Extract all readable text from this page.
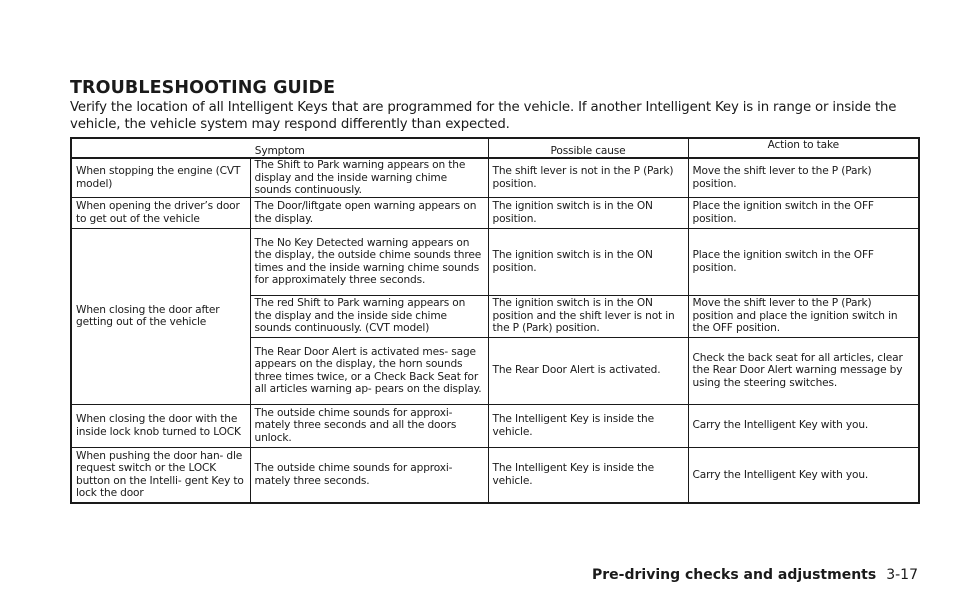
TROUBLESHOOTING GUIDE
Verify the location of all Intelligent Keys that are programmed for the vehicle. If another Intelligent Key is in range or inside the vehicle, the vehicle system may respond differently than expected.
Symptom		Possible cause	Action to take
When stopping the engine (CVT model)	The Shift to Park warning appears on the display and the inside warning chime sounds continuously.	The shift lever is not in the P (Park) position.	Move the shift lever to the P (Park) position.
When opening the driver’s door to get out of the vehicle	The Door/liftgate open warning appears on the display.	The ignition switch is in the ON position.	Place the ignition switch in the OFF position.
When closing the door after getting out of the vehicle	The No Key Detected warning appears on the display, the outside chime sounds three times and the inside warning chime sounds for approximately three seconds.	The ignition switch is in the ON position.	Place the ignition switch in the OFF position.
	The red Shift to Park warning appears on the display and the inside side chime sounds continuously. (CVT model)	The ignition switch is in the ON position and the shift lever is not in the P (Park) position.	Move the shift lever to the P (Park) position and place the ignition switch in the OFF position.
	The Rear Door Alert is activated mes- sage appears on the display, the horn sounds three times twice, or a Check Back Seat for all articles warning ap- pears on the display.	The Rear Door Alert is activated.	Check the back seat for all articles, clear the Rear Door Alert warning message by using the steering switches.
When closing the door with the inside lock knob turned to LOCK	The outside chime sounds for approxi- mately three seconds and all the doors unlock.	The Intelligent Key is inside the vehicle.	Carry the Intelligent Key with you.
When pushing the door han- dle request switch or the LOCK button on the Intelli- gent Key to lock the door	The outside chime sounds for approxi- mately three seconds.	The Intelligent Key is inside the vehicle.	Carry the Intelligent Key with you.
Pre-driving checks and adjustments 3-17
